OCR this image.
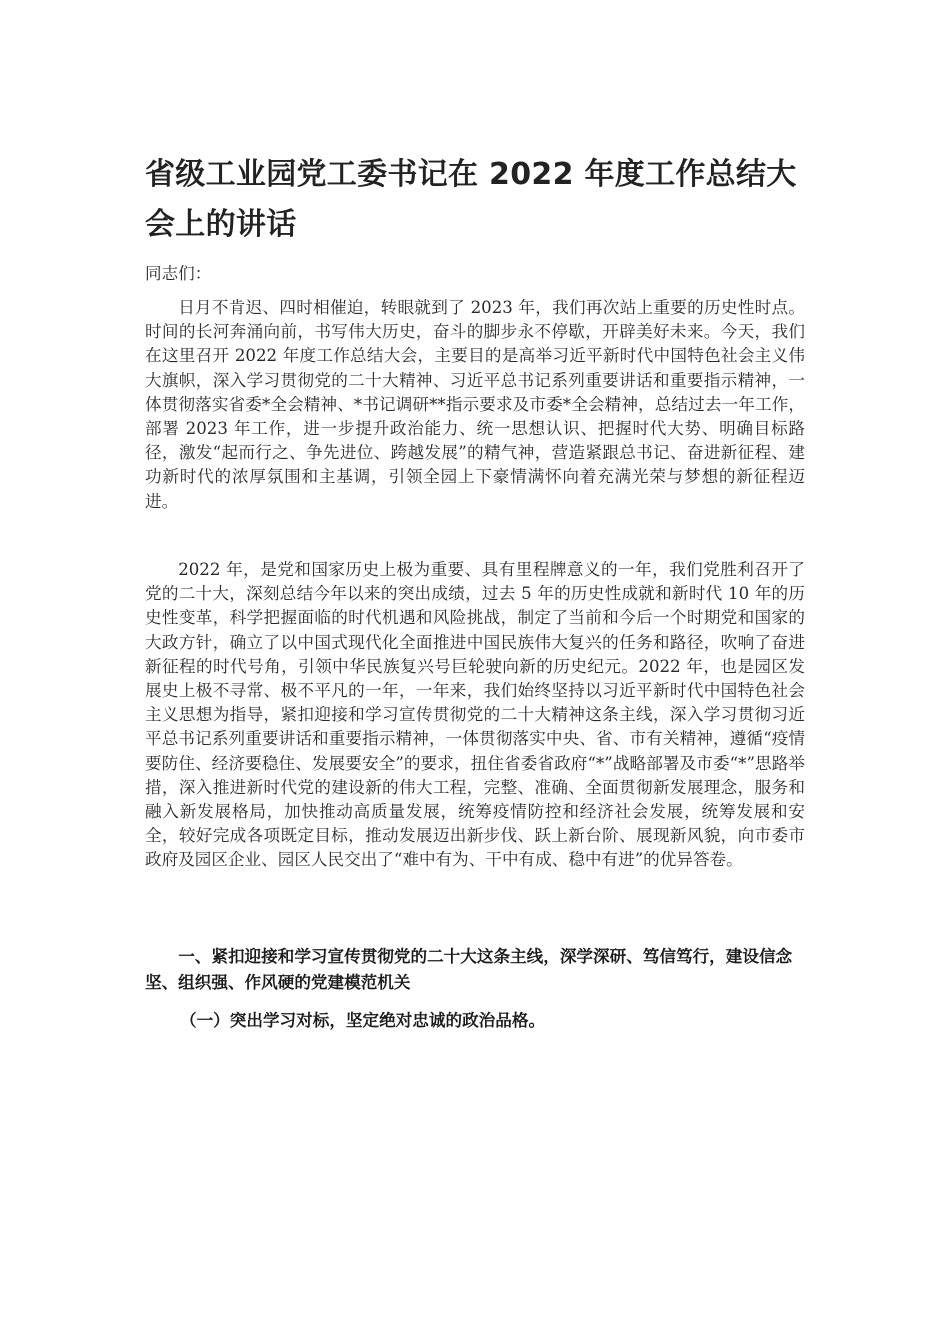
省级工业园党工委书记在 2022 年度工作总结大会上的讲话
同志们：

日月不肯迟、四时相催迫，转眼就到了 2023 年，我们再次站上重要的历史性时点。时间的长河奔涌向前，书写伟大历史，奋斗的脚步永不停歇，开辟美好未来。今天，我们在这里召开 2022 年度工作总结大会，主要目的是高举习近平新时代中国特色社会主义伟大旗帜，深入学习贯彻党的二十大精神、习近平总书记系列重要讲话和重要指示精神，一体贯彻落实省委*全会精神、*书记调研**指示要求及市委*全会精神，总结过去一年工作，部署 2023 年工作，进一步提升政治能力、统一思想认识、把握时代大势、明确目标路径，激发“起而行之、争先进位、跨越发展”的精气神，营造紧跟总书记、奋进新征程、建功新时代的浓厚氛围和主基调，引领全园上下豪情满怀向着充满光荣与梦想的新征程迈进。

2022 年，是党和国家历史上极为重要、具有里程牌意义的一年，我们党胜利召开了党的二十大，深刻总结今年以来的突出成绩，过去 5 年的历史性成就和新时代 10 年的历史性变革，科学把握面临的时代机遇和风险挑战，制定了当前和今后一个时期党和国家的大政方针，确立了以中国式现代化全面推进中国民族伟大复兴的任务和路径，吹响了奋进新征程的时代号角，引领中华民族复兴号巨轮驶向新的历史纪元。2022 年，也是园区发展史上极不寻常、极不平凡的一年，一年来，我们始终坚持以习近平新时代中国特色社会主义思想为指导，紧扣迎接和学习宣传贯彻党的二十大精神这条主线，深入学习贯彻习近平总书记系列重要讲话和重要指示精神，一体贯彻落实中央、省、市有关精神，遵循“疫情要防住、经济要稳住、发展要安全”的要求，扭住省委省政府“*”战略部署及市委“*”思路举措，深入推进新时代党的建设新的伟大工程，完整、准确、全面贯彻新发展理念，服务和融入新发展格局，加快推动高质量发展，统筹疫情防控和经济社会发展，统筹发展和安全，较好完成各项既定目标，推动发展迈出新步伐、跃上新台阶、展现新风貌，向市委市政府及园区企业、园区人民交出了“难中有为、干中有成、稳中有进”的优异答卷。

一、紧扣迎接和学习宣传贯彻党的二十大这条主线，深学深研、笃信笃行，建设信念坚、组织强、作风硬的党建模范机关

（一）突出学习对标，坚定绝对忠诚的政治品格。
